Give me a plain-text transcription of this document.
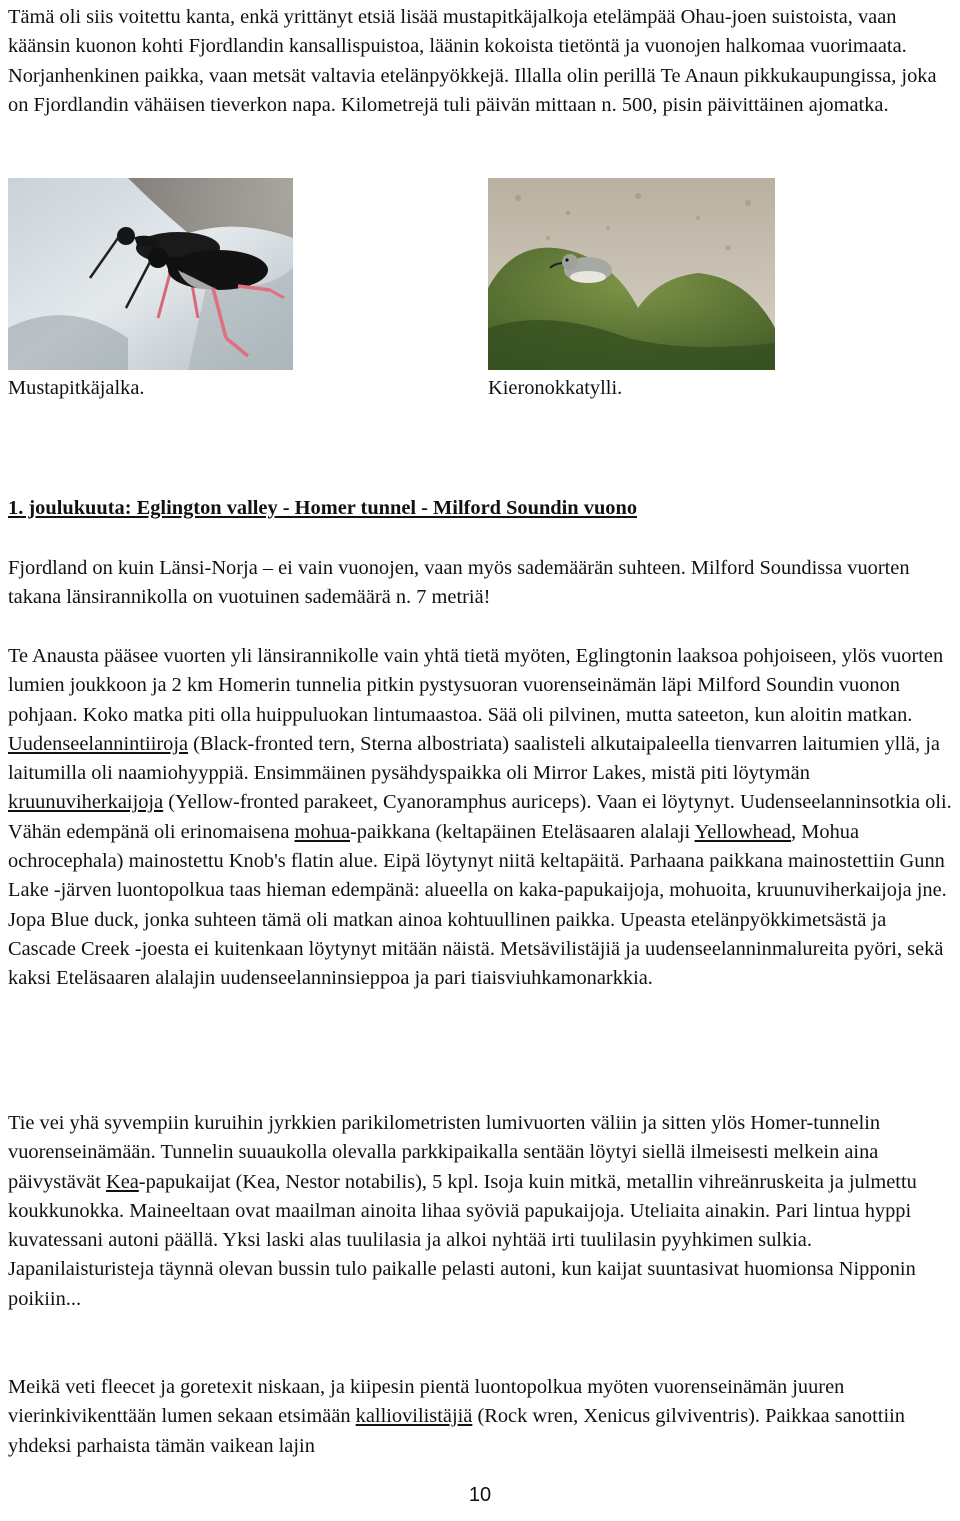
Tämä oli siis voitettu kanta, enkä yrittänyt etsiä lisää mustapitkäjalkoja etelämpää Ohau-joen suistoista, vaan käänsin kuonon kohti Fjordlandin kansallispuistoa, läänin kokoista tietöntä ja vuonojen halkomaa vuorimaata. Norjanhenkinen paikka, vaan metsät valtavia etelänpyökkejä. Illalla olin perillä Te Anaun pikkukaupungissa, joka on Fjordlandin vähäisen tieverkon napa. Kilometrejä tuli päivän mittaan n. 500, pisin päivittäinen ajomatka.

Mustapitkäjalka.	Kieronokkatylli.
1. joulukuuta: Eglington valley - Homer tunnel - Milford Soundin vuono

Fjordland on kuin Länsi-Norja – ei vain vuonojen, vaan myös sademäärän suhteen. Milford Soundissa vuorten takana länsirannikolla on vuotuinen sademäärä n. 7 metriä!

Te Anausta pääsee vuorten yli länsirannikolle vain yhtä tietä myöten, Eglingtonin laaksoa pohjoiseen, ylös vuorten lumien joukkoon ja 2 km Homerin tunnelia pitkin pystysuoran vuorenseinämän läpi Milford Soundin vuonon pohjaan. Koko matka piti olla huippuluokan lintumaastoa. Sää oli pilvinen, mutta sateeton, kun aloitin matkan. Uudenseelannintiiroja (Black-fronted tern, Sterna albostriata) saalisteli alkutaipaleella tienvarren laitumien yllä, ja laitumilla oli naamiohyyppiä. Ensimmäinen pysähdyspaikka oli Mirror Lakes, mistä piti löytymän kruunuviherkaijoja (Yellow-fronted parakeet, Cyanoramphus auriceps). Vaan ei löytynyt. Uudenseelanninsotkia oli. Vähän edempänä oli erinomaisena mohua-paikkana (keltapäinen Eteläsaaren alalaji Yellowhead, Mohua ochrocephala) mainostettu Knob's flatin alue. Eipä löytynyt niitä keltapäitä. Parhaana paikkana mainostettiin Gunn Lake -järven luontopolkua taas hieman edempänä: alueella on kaka-papukaijoja, mohuoita, kruunuviherkaijoja jne. Jopa Blue duck, jonka suhteen tämä oli matkan ainoa kohtuullinen paikka. Upeasta etelänpyökkimetsästä ja Cascade Creek -joesta ei kuitenkaan löytynyt mitään näistä. Metsävilistäjiä ja uudenseelanninmalureita pyöri, sekä kaksi Eteläsaaren alalajin uudenseelanninsieppoa ja pari tiaisviuhkamonarkkia.

Tie vei yhä syvempiin kuruihin jyrkkien parikilometristen lumivuorten väliin ja sitten ylös Homer-tunnelin vuorenseinämään. Tunnelin suuaukolla olevalla parkkipaikalla sentään löytyi siellä ilmeisesti melkein aina päivystävät Kea-papukaijat (Kea, Nestor notabilis), 5 kpl. Isoja kuin mitkä, metallin vihreänruskeita ja julmettu koukkunokka. Maineeltaan ovat maailman ainoita lihaa syöviä papukaijoja. Uteliaita ainakin. Pari lintua hyppi kuvatessani autoni päällä. Yksi laski alas tuulilasia ja alkoi nyhtää irti tuulilasin pyyhkimen sulkia. Japanilaisturisteja täynnä olevan bussin tulo paikalle pelasti autoni, kun kaijat suuntasivat huomionsa Nipponin poikiin...

Meikä veti fleecet ja goretexit niskaan, ja kiipesin pientä luontopolkua myöten vuorenseinämän juuren vierinkivikenttään lumen sekaan etsimään kalliovilistäjiä (Rock wren, Xenicus gilviventris). Paikkaa sanottiin yhdeksi parhaista tämän vaikean lajin

10
